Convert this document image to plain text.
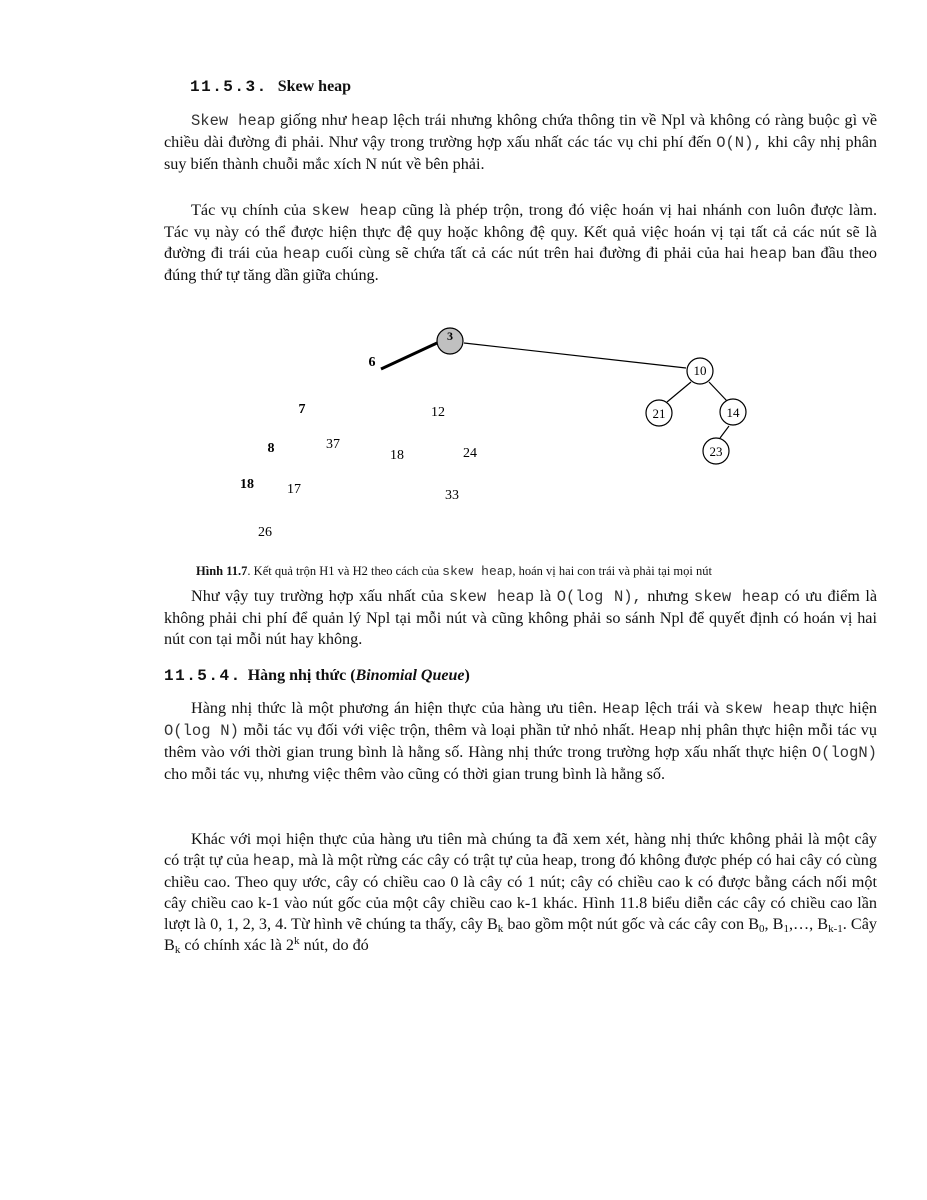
11.5.3. Skew heap
Skew heap giống như heap lệch trái nhưng không chứa thông tin về Npl và không có ràng buộc gì về chiều dài đường đi phải. Như vậy trong trường hợp xấu nhất các tác vụ chi phí đến O(N), khi cây nhị phân suy biến thành chuỗi mắc xích N nút về bên phải.
Tác vụ chính của skew heap cũng là phép trộn, trong đó việc hoán vị hai nhánh con luôn được làm. Tác vụ này có thể được hiện thực đệ quy hoặc không đệ quy. Kết quả việc hoán vị tại tất cả các nút sẽ là đường đi trái của heap cuối cùng sẽ chứa tất cả các nút trên hai đường đi phải của hai heap ban đầu theo đúng thứ tự tăng dần giữa chúng.
3
10
21	14
23
6
7	12
8	37
18	24
18 17	33
26
Hình 11.7. Kết quả trộn H1 và H2 theo cách của skew heap, hoán vị hai con trái và phải tại mọi nút
Như vậy tuy trường hợp xấu nhất của skew heap là O(log N), nhưng skew heap có ưu điểm là không phải chi phí để quản lý Npl tại mỗi nút và cũng không phải so sánh Npl để quyết định có hoán vị hai nút con tại mỗi nút hay không.
11.5.4. Hàng nhị thức (Binomial Queue)
Hàng nhị thức là một phương án hiện thực của hàng ưu tiên. Heap lệch trái và skew heap thực hiện O(log N) mỗi tác vụ đối với việc trộn, thêm và loại phần tử nhỏ nhất. Heap nhị phân thực hiện mỗi tác vụ thêm vào với thời gian trung bình là hằng số. Hàng nhị thức trong trường hợp xấu nhất thực hiện O(logN) cho mỗi tác vụ, nhưng việc thêm vào cũng có thời gian trung bình là hằng số.
Khác với mọi hiện thực của hàng ưu tiên mà chúng ta đã xem xét, hàng nhị thức không phải là một cây có trật tự của heap, mà là một rừng các cây có trật tự của heap, trong đó không được phép có hai cây có cùng chiều cao. Theo quy ước, cây có chiều cao 0 là cây có 1 nút; cây có chiều cao k có được bằng cách nối một cây chiều cao k-1 vào nút gốc của một cây chiều cao k-1 khác. Hình 11.8 biểu diễn các cây có chiều cao lần lượt là 0, 1, 2, 3, 4. Từ hình vẽ chúng ta thấy, cây $B_k$ bao gồm một nút gốc và các cây con $B_0$, $B_1,\dots$, $B_{k-1}$. Cây $B_k$ có chính xác là 2$^k$ nút, do đó
